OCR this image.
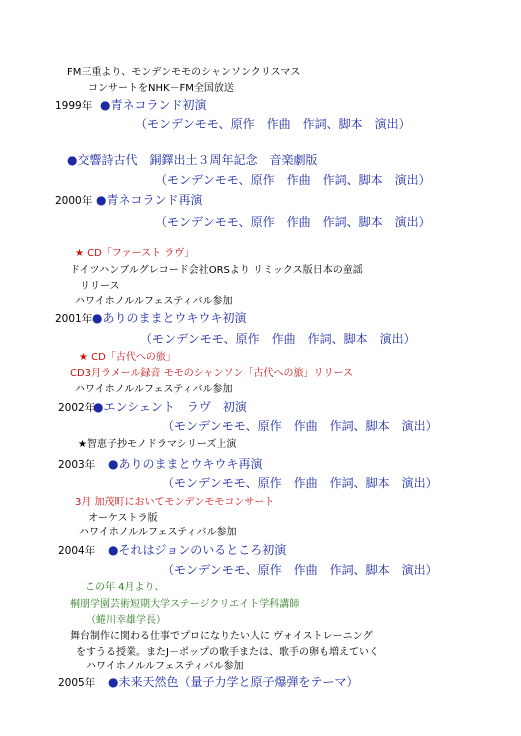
FM三重より、モンデンモモのシャンソンクリスマス
コンサートをNHK－FM全国放送
1999年 ●青ネコランド初演
（モンデンモモ、原作　作曲　作詞、脚本　演出）
●交響詩古代　銅鐸出土３周年記念　音楽劇版
（モンデンモモ、原作　作曲　作詞、脚本　演出）
2000年 ●青ネコランド再演
（モンデンモモ、原作　作曲　作詞、脚本　演出）
★ CD「ファースト ラヴ」
ドイツハンブルグレコード会社ORSより リミックス版日本の童謡
リリース
ハワイホノルルフェスティバル参加
2001年 ●ありのままとウキウキ初演
（モンデンモモ、原作　作曲　作詞、脚本　演出）
★ CD「古代への旅」
CD3月ラメール録音 モモのシャンソン「古代への旅」リリース
ハワイホノルルフェスティバル参加
2002年
●エンシェント　ラヴ　初演
（モンデンモモ、原作　作曲　作詞、脚本　演出）
★智恵子抄モノドラマシリーズ上演
2003年 ●ありのままとウキウキ再演
（モンデンモモ、原作　作曲　作詞、脚本　演出）
3月 加茂町においてモンデンモモコンサート
オーケストラ版
ハワイホノルルフェスティバル参加
2004年 ●それはジョンのいるところ初演
（モンデンモモ、原作　作曲　作詞、脚本　演出）
この年 4月より、
桐朋学園芸術短期大学ステージクリエイト学科講師
（蜷川幸雄学長）
舞台制作に関わる仕事でプロになりたい人に ヴォイストレーニング
をすうる授業。またJ－ポップの歌手または、歌手の卵も増えていく
ハワイホノルルフェスティバル参加
2005年 ●未来天然色（量子力学と原子爆弾をテーマ）
